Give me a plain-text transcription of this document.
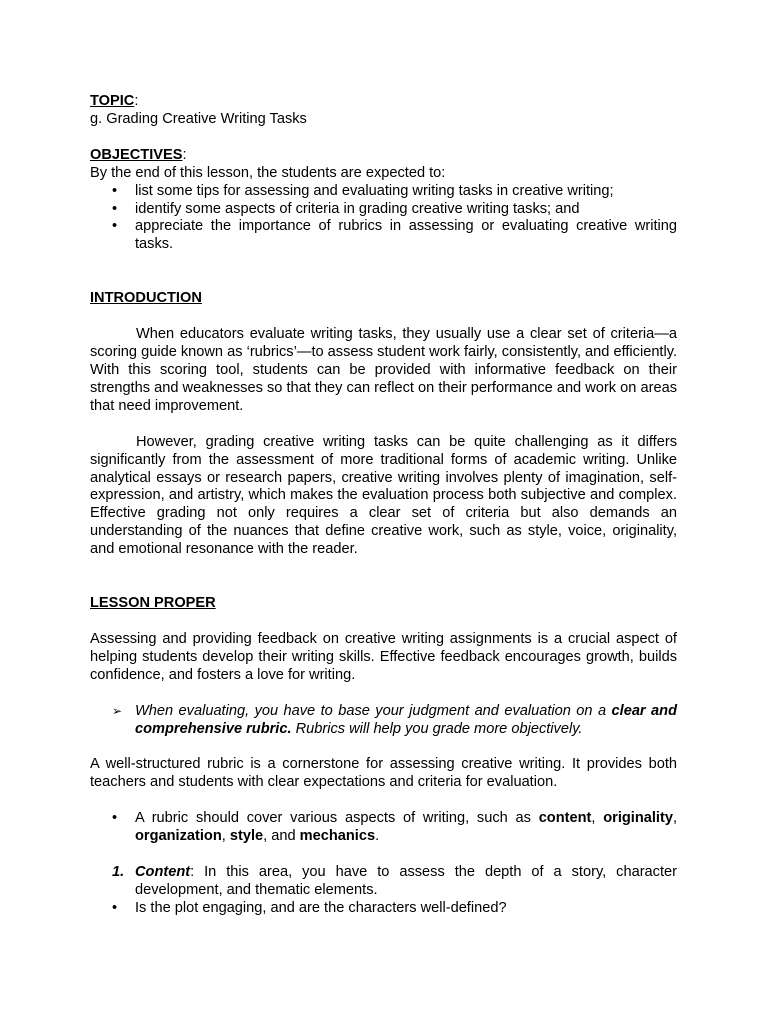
TOPIC:
g. Grading Creative Writing Tasks
OBJECTIVES:
By the end of this lesson, the students are expected to:
• list some tips for assessing and evaluating writing tasks in creative writing;
• identify some aspects of criteria in grading creative writing tasks; and
• appreciate the importance of rubrics in assessing or evaluating creative writing tasks.
INTRODUCTION
When educators evaluate writing tasks, they usually use a clear set of criteria—a scoring guide known as ‘rubrics’—to assess student work fairly, consistently, and efficiently. With this scoring tool, students can be provided with informative feedback on their strengths and weaknesses so that they can reflect on their performance and work on areas that need improvement.
However, grading creative writing tasks can be quite challenging as it differs significantly from the assessment of more traditional forms of academic writing. Unlike analytical essays or research papers, creative writing involves plenty of imagination, self-expression, and artistry, which makes the evaluation process both subjective and complex. Effective grading not only requires a clear set of criteria but also demands an understanding of the nuances that define creative work, such as style, voice, originality, and emotional resonance with the reader.
LESSON PROPER
Assessing and providing feedback on creative writing assignments is a crucial aspect of helping students develop their writing skills. Effective feedback encourages growth, builds confidence, and fosters a love for writing.
➢ When evaluating, you have to base your judgment and evaluation on a clear and comprehensive rubric. Rubrics will help you grade more objectively.
A well-structured rubric is a cornerstone for assessing creative writing. It provides both teachers and students with clear expectations and criteria for evaluation.
• A rubric should cover various aspects of writing, such as content, originality, organization, style, and mechanics.
1. Content: In this area, you have to assess the depth of a story, character development, and thematic elements.
• Is the plot engaging, and are the characters well-defined?
